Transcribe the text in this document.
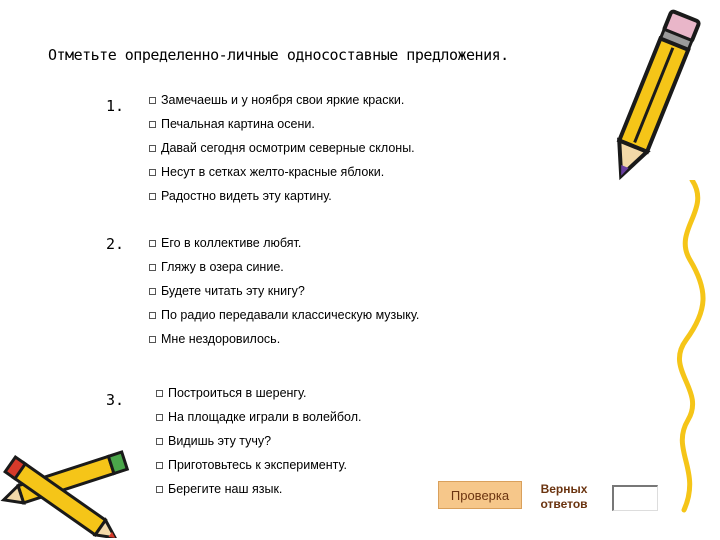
Отметьте определенно-личные односоставные предложения.
1.	Замечаешь и у ноября свои яркие краски.
Печальная картина осени.
Давай сегодня осмотрим северные склоны.
Несут в сетках желто-красные яблоки.
Радостно видеть эту картину.
2.	Его в коллективе любят.
Гляжу в озера синие.
Будете читать эту книгу?
По радио передавали классическую музыку.
Мне нездоровилось.
3.	Построиться в шеренгу.
На площадке играли в волейбол.
Видишь эту тучу?
Приготовьтесь к эксперименту.
Берегите наш язык.	Проверка	Верных ответов
